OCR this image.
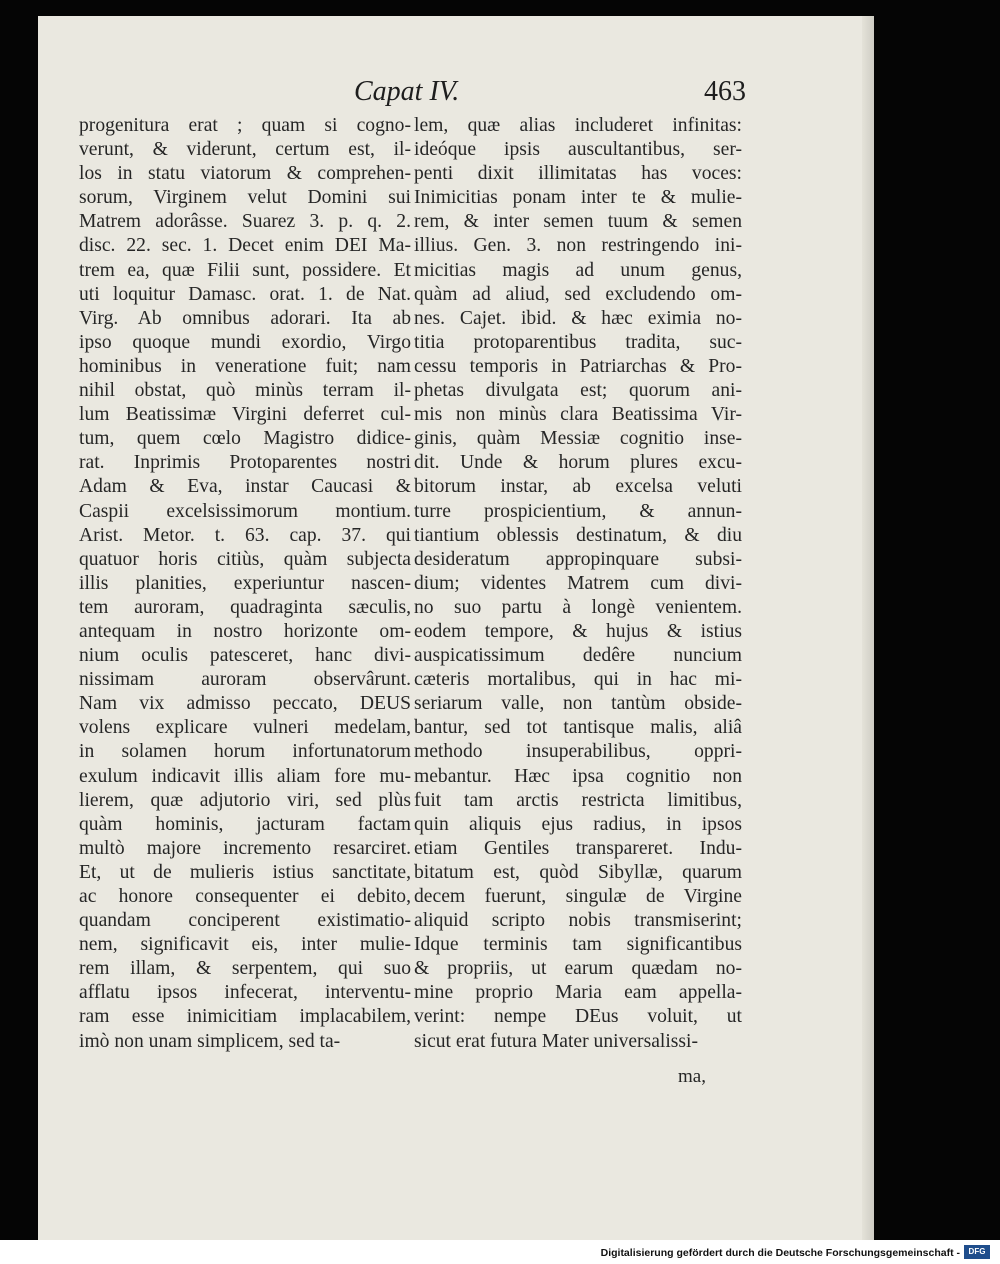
Capat IV.	463
progenitura erat ; quam si cogno-
verunt, & viderunt, certum est, il-
los in statu viatorum & comprehen-
sorum, Virginem velut Domini sui
Matrem adorâsse. Suarez 3. p. q. 2.
disc. 22. sec. 1. Decet enim DEI Ma-
trem ea, quæ Filii sunt, possidere. Et
uti loquitur Damasc. orat. 1. de Nat.
Virg. Ab omnibus adorari. Ita ab
ipso quoque mundi exordio, Virgo
hominibus in veneratione fuit; nam
nihil obstat, quò minùs terram il-
lum Beatissimæ Virgini deferret cul-
tum, quem cœlo Magistro didice-
rat. Inprimis Protoparentes nostri
Adam & Eva, instar Caucasi &
Caspii excelsissimorum montium.
Arist. Metor. t. 63. cap. 37. qui
quatuor horis citiùs, quàm subjecta
illis planities, experiuntur nascen-
tem auroram, quadraginta sæculis,
antequam in nostro horizonte om-
nium oculis patesceret, hanc divi-
nissimam auroram observârunt.
Nam vix admisso peccato, DEUS
volens explicare vulneri medelam,
in solamen horum infortunatorum
exulum indicavit illis aliam fore mu-
lierem, quæ adjutorio viri, sed plùs
quàm hominis, jacturam factam
multò majore incremento resarciret.
Et, ut de mulieris istius sanctitate,
ac honore consequenter ei debito,
quandam conciperent existimatio-
nem, significavit eis, inter mulie-
rem illam, & serpentem, qui suo
afflatu ipsos infecerat, interventu-
ram esse inimicitiam implacabilem,
imò non unam simplicem, sed ta-
lem, quæ alias includeret infinitas:
ideóque ipsis auscultantibus, ser-
penti dixit illimitatas has voces:
Inimicitias ponam inter te & mulie-
rem, & inter semen tuum & semen
illius. Gen. 3. non restringendo ini-
micitias magis ad unum genus,
quàm ad aliud, sed excludendo om-
nes. Cajet. ibid. & hæc eximia no-
titia protoparentibus tradita, suc-
cessu temporis in Patriarchas & Pro-
phetas divulgata est; quorum ani-
mis non minùs clara Beatissima Vir-
ginis, quàm Messiæ cognitio inse-
dit. Unde & horum plures excu-
bitorum instar, ab excelsa veluti
turre prospicientium, & annun-
tiantium oblessis destinatum, & diu
desideratum appropinquare subsi-
dium; videntes Matrem cum divi-
no suo partu à longè venientem.
eodem tempore, & hujus & istius
auspicatissimum dedêre nuncium
cæteris mortalibus, qui in hac mi-
seriarum valle, non tantùm obside-
bantur, sed tot tantisque malis, aliâ
methodo insuperabilibus, oppri-
mebantur. Hæc ipsa cognitio non
fuit tam arctis restricta limitibus,
quin aliquis ejus radius, in ipsos
etiam Gentiles transpareret. Indu-
bitatum est, quòd Sibyllæ, quarum
decem fuerunt, singulæ de Virgine
aliquid scripto nobis transmiserint;
Idque terminis tam significantibus
& propriis, ut earum quædam no-
mine proprio Maria eam appella-
verint: nempe DEus voluit, ut
sicut erat futura Mater universalissi-
ma,
Digitalisierung gefördert durch die Deutsche Forschungsgemeinschaft -	DFG
